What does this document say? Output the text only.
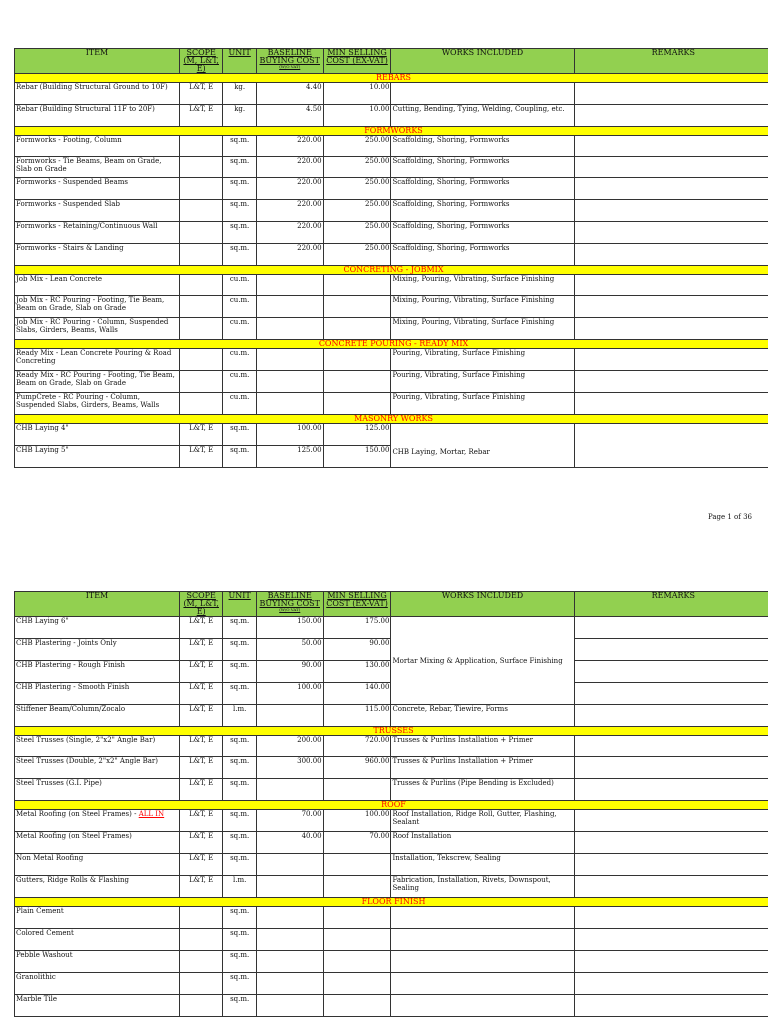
ITEM	SCOPE (M, L&T, E)	UNIT	BASELINE BUYING COST
(W/O VAT)	MIN SELLING COST (EX-VAT)	WORKS INCLUDED	REMARKS
REBARS						
Rebar (Building Structural Ground to 10F)	L&T, E	kg.	4.40	10.00		
Rebar (Building Structural 11F to 20F)	L&T, E	kg.	4.50	10.00	Cutting, Bending, Tying, Welding, Coupling, etc.	
FORMWORKS						
Formworks - Footing, Column		sq.m.	220.00	250.00	Scaffolding, Shoring, Formworks	
Formworks - Tie Beams, Beam on Grade, Slab on Grade		sq.m.	220.00	250.00	Scaffolding, Shoring, Formworks	
Formworks - Suspended Beams		sq.m.	220.00	250.00	Scaffolding, Shoring, Formworks	
Formworks - Suspended Slab		sq.m.	220.00	250.00	Scaffolding, Shoring, Formworks	
Formworks - Retaining/Continuous Wall		sq.m.	220.00	250.00	Scaffolding, Shoring, Formworks	
Formworks - Stairs & Landing		sq.m.	220.00	250.00	Scaffolding, Shoring, Formworks	
CONCRETING - JOBMIX						
Job Mix - Lean Concrete		cu.m.			Mixing, Pouring, Vibrating, Surface Finishing	
Job Mix - RC Pouring - Footing, Tie Beam, Beam on Grade, Slab on Grade		cu.m.			Mixing, Pouring, Vibrating, Surface Finishing	
Job Mix - RC Pouring - Column, Suspended Slabs, Girders, Beams, Walls		cu.m.			Mixing, Pouring, Vibrating, Surface Finishing	
CONCRETE POURING - READY MIX						
Ready Mix - Lean Concrete Pouring & Road Concreting		cu.m.			Pouring, Vibrating, Surface Finishing	
Ready Mix - RC Pouring - Footing, Tie Beam, Beam on Grade, Slab on Grade		cu.m.			Pouring, Vibrating, Surface Finishing	
PumpCrete - RC Pouring - Column, Suspended Slabs, Girders, Beams, Walls		cu.m.			Pouring, Vibrating, Surface Finishing	
MASONRY WORKS						
CHB Laying 4"	L&T, E	sq.m.	100.00	125.00	CHB Laying, Mortar, Rebar	
CHB Laying 5"	L&T, E	sq.m.	125.00	150.00		
Page 1 of 36
ITEM	SCOPE (M, L&T, E)	UNIT	BASELINE BUYING COST
(W/O VAT)	MIN SELLING COST (EX-VAT)	WORKS INCLUDED	REMARKS
CHB Laying 6"	L&T, E	sq.m.	150.00	175.00	Mortar Mixing & Application, Surface Finishing	
CHB Plastering - Joints Only	L&T, E	sq.m.	50.00	90.00		
CHB Plastering - Rough Finish	L&T, E	sq.m.	90.00	130.00		
CHB Plastering - Smooth Finish	L&T, E	sq.m.	100.00	140.00		
Stiffener Beam/Column/Zocalo	L&T, E	l.m.		115.00	Concrete, Rebar, Tiewire, Forms	
TRUSSES						
Steel Trusses (Single, 2"x2" Angle Bar)	L&T, E	sq.m.	200.00	720.00	Trusses & Purlins Installation + Primer	
Steel Trusses (Double, 2"x2" Angle Bar)	L&T, E	sq.m.	300.00	960.00	Trusses & Purlins Installation + Primer	
Steel Trusses (G.I. Pipe)	L&T, E	sq.m.			Trusses & Purlins (Pipe Bending is Excluded)	
ROOF						
Metal Roofing (on Steel Frames) - ALL IN	L&T, E	sq.m.	70.00	100.00	Roof Installation, Ridge Roll, Gutter, Flashing, Sealant	
Metal Roofing (on Steel Frames)	L&T, E	sq.m.	40.00	70.00	Roof Installation	
Non Metal Roofing	L&T, E	sq.m.			Installation, Tekscrew, Sealing	
Gutters, Ridge Rolls & Flashing	L&T, E	l.m.			Fabrication, Installation, Rivets, Downspout, Sealing	
FLOOR FINISH						
Plain Cement		sq.m.				
Colored Cement		sq.m.				
Pebble Washout		sq.m.				
Granolithic		sq.m.				
Marble Tile		sq.m.				
